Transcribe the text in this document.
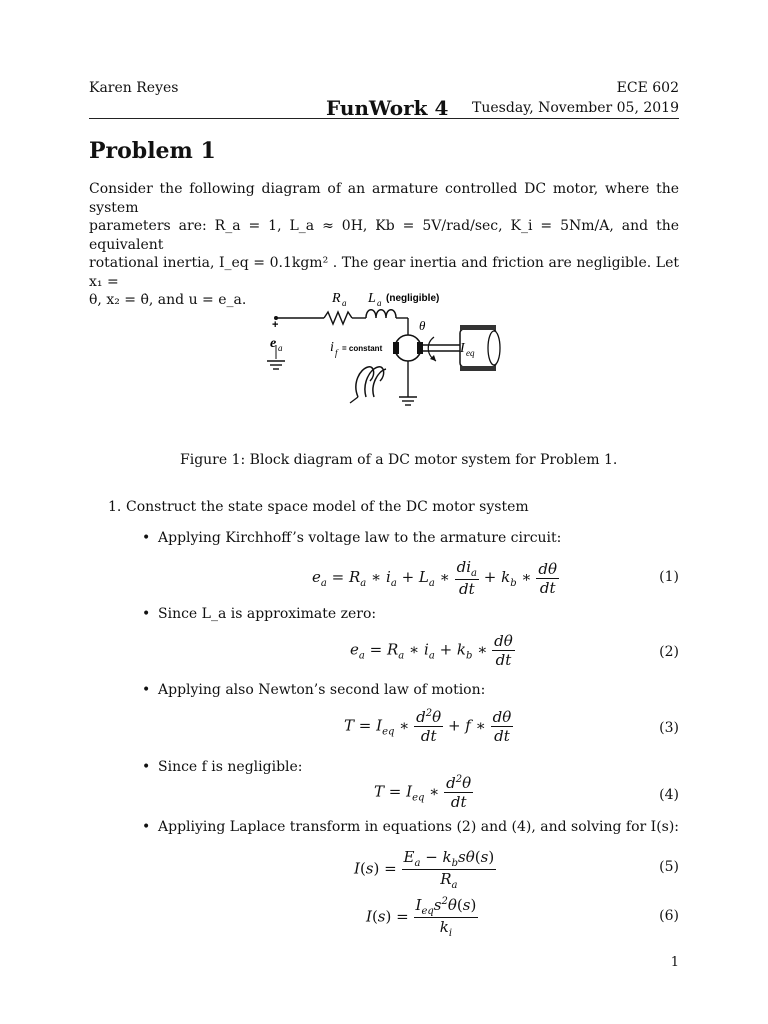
Karen Reyes	ECE 602
FunWork 4 Tuesday, November 05, 2019
Problem 1
Consider the following diagram of an armature controlled DC motor, where the system
parameters are: R_a = 1, L_a ≈ 0H, Kb = 5V/rad/sec, K_i = 5Nm/A, and the equivalent
rotational inertia, I_eq = 0.1kgm² . The gear inertia and friction are negligible. Let x₁ =
θ, x₂ = θ̇, and u = e_a.
+
R a L a (negligible)
θ
e a	i f = constant	I eq
Figure 1: Block diagram of a DC motor system for Problem 1.
1. Construct the state space model of the DC motor system
• Applying Kirchhoff’s voltage law to the armature circuit:
$e_a = R_a$ ∗ $i_a + L_a$ ∗ $\frac{di_a}{dt} + k_b$ ∗ $\frac{d\theta}{dt}$	(1)
• Since L_a is approximate zero:
$e_a = R_a$ ∗ $i_a + k_b$ ∗ $\frac{d\theta}{dt}$	(2)
• Applying also Newton’s second law of motion:
$T = I_{eq}$ ∗ $\frac{d^2\theta}{dt} + f$ ∗ $\frac{d\theta}{dt}$	(3)
• Since f is negligible:
$T = I_{eq}$ ∗ $\frac{d^2\theta}{dt}$	(4)
• Appliying Laplace transform in equations (2) and (4), and solving for I(s):
$I(s) = \frac{E_a - k_bs\theta(s)}{R_a}$	(5)
$I(s) = \frac{I_{eq}s^2\theta(s)}{k_i}$	(6)
1
